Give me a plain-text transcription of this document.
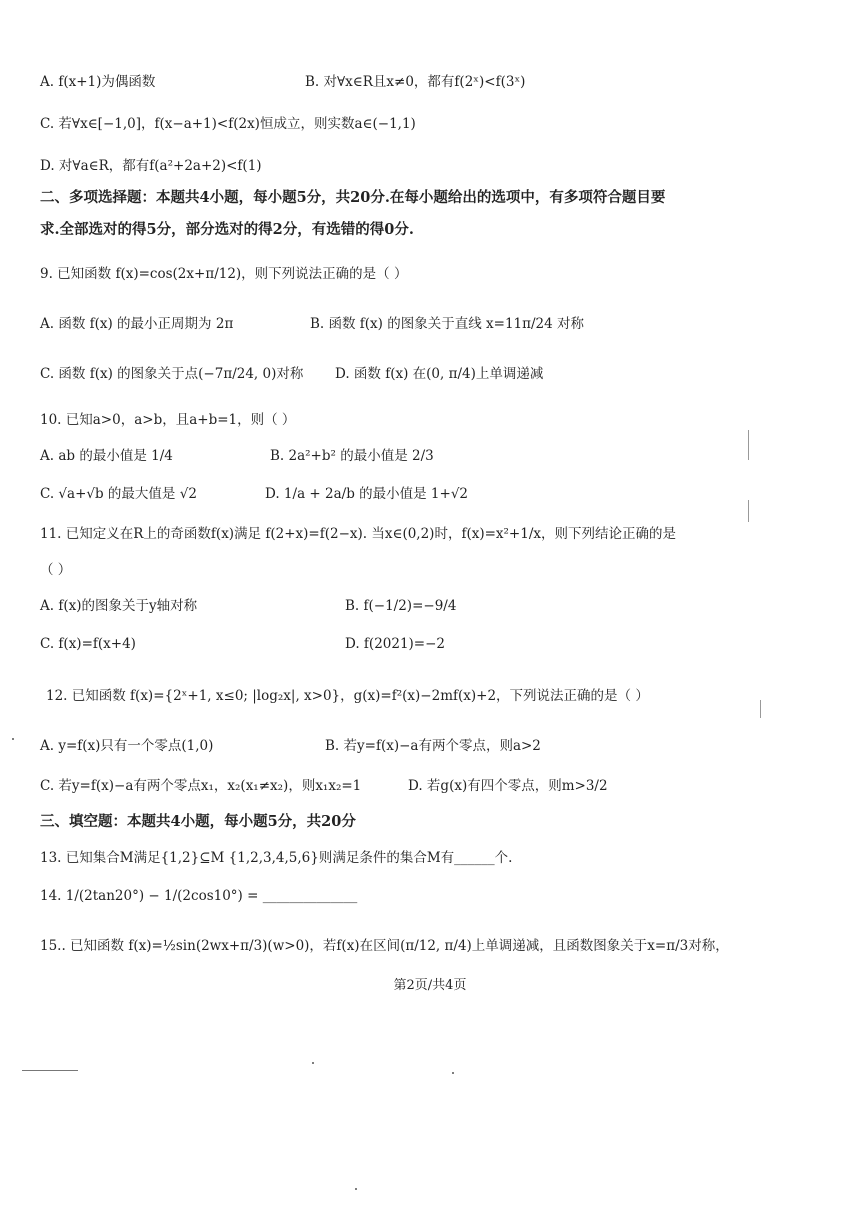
A. f(x+1)为偶函数	B. 对∀x∈R且x≠0，都有f(2ˣ)<f(3ˣ)
C. 若∀x∈[−1,0]，f(x−a+1)<f(2x)恒成立，则实数a∈(−1,1)
D. 对∀a∈R，都有f(a²+2a+2)<f(1)
二、多项选择题：本题共4小题，每小题5分，共20分.在每小题给出的选项中，有多项符合题目要
求.全部选对的得5分，部分选对的得2分，有选错的得0分.
9. 已知函数 f(x)=cos(2x+π/12)，则下列说法正确的是（ ）
A. 函数 f(x) 的最小正周期为 2π	B. 函数 f(x) 的图象关于直线 x=11π/24 对称
C. 函数 f(x) 的图象关于点(−7π/24, 0)对称 D. 函数 f(x) 在(0, π/4)上单调递减
10. 已知a>0，a>b，且a+b=1，则（ ）
A. ab 的最小值是 1/4	B. 2a²+b² 的最小值是 2/3
C. √a+√b 的最大值是 √2	D. 1/a + 2a/b 的最小值是 1+√2
11. 已知定义在R上的奇函数f(x)满足 f(2+x)=f(2−x). 当x∈(0,2)时，f(x)=x²+1/x，则下列结论正确的是
（ ）
A. f(x)的图象关于y轴对称	B. f(−1/2)=−9/4
C. f(x)=f(x+4)	D. f(2021)=−2
12. 已知函数 f(x)={2ˣ+1, x≤0; |log₂x|, x>0}，g(x)=f²(x)−2mf(x)+2，下列说法正确的是（ ）
A. y=f(x)只有一个零点(1,0)	B. 若y=f(x)−a有两个零点，则a>2
C. 若y=f(x)−a有两个零点x₁，x₂(x₁≠x₂)，则x₁x₂=1	D. 若g(x)有四个零点，则m>3/2
三、填空题：本题共4小题，每小题5分，共20分
13. 已知集合M满足{1,2}⊆M {1,2,3,4,5,6}则满足条件的集合M有______个.
14. 1/(2tan20°) − 1/(2cos10°) = ______________
15.. 已知函数 f(x)=½sin(2wx+π/3)(w>0)，若f(x)在区间(π/12, π/4)上单调递减，且函数图象关于x=π/3对称，
第2页/共4页
